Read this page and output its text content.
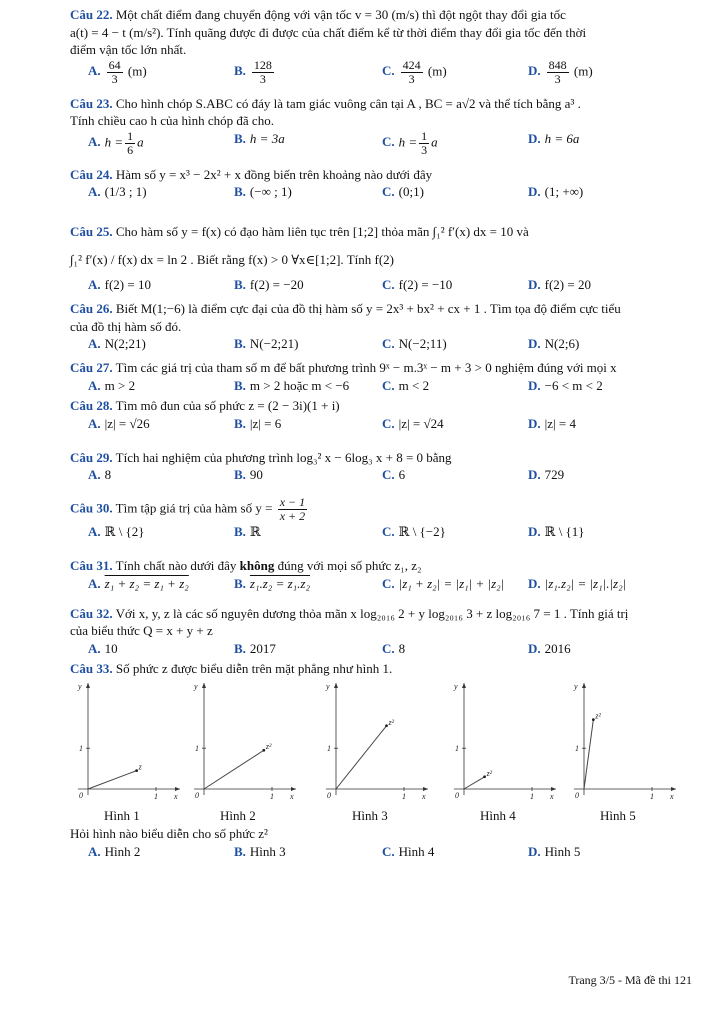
Câu 22. Một chất điểm đang chuyển động với vận tốc v = 30 (m/s) thì đột ngột thay đổi gia tốc

a(t) = 4 − t (m/s²). Tính quãng được đi được của chất điểm kể từ thời điểm thay đổi gia tốc đến thời

điểm vận tốc lớn nhất.

A. $\frac{64}{3} (m)$	B. $\frac{128}{3}$	C. $\frac{424}{3} (m)$	D. $\frac{848}{3} (m)$

Câu 23. Cho hình chóp S.ABC có đáy là tam giác vuông cân tại A , BC = a√2 và thể tích bằng a³ .

Tính chiều cao h của hình chóp đã cho.

A. $h = \frac{1}{6}$ a	B. h = 3a	C. $h = \frac{1}{3}$ a	D. h = 6a

Câu 24. Hàm số y = x³ − 2x² + x đồng biến trên khoảng nào dưới đây

A. (1/3 ; 1)	B. (−∞ ; 1)	C. (0;1)	D. (1; +∞)

Câu 25. Cho hàm số y = f(x) có đạo hàm liên tục trên [1;2] thỏa mãn ∫₁² f′(x) dx = 10 và

∫₁² f′(x) / f(x) dx = ln 2 . Biết rằng f(x) > 0 ∀x∈[1;2]. Tính f(2)

A. f(2) = 10	B. f(2) = −20	C. f(2) = −10	D. f(2) = 20

Câu 26. Biết M(1;−6) là điểm cực đại của đồ thị hàm số y = 2x³ + bx² + cx + 1 . Tìm tọa độ điểm cực tiểu

của đồ thị hàm số đó.

A. N(2;21)	B. N(−2;21)	C. N(−2;11)	D. N(2;6)

Câu 27. Tìm các giá trị của tham số m để bất phương trình 9ˣ − m.3ˣ − m + 3 > 0 nghiệm đúng với mọi x

A. m > 2	B. m > 2 hoặc m < −6	C. m < 2	D. −6 < m < 2

Câu 28. Tìm mô đun của số phức z = (2 − 3i)(1 + i)

A. |z| = √26	B. |z| = 6	C. |z| = √24	D. |z| = 4

Câu 29. Tích hai nghiệm của phương trình log₃² x − 6log₃ x + 8 = 0 bằng

A. 8	B. 90	C. 6	D. 729

Câu 30. Tìm tập giá trị của hàm số $y = \frac{x - 1}{x + 2}$

A. ℝ \ {2}	B. ℝ	C. ℝ \ {−2}	D. ℝ \ {1}

Câu 31. Tính chất nào dưới đây không đúng với mọi số phức z₁, z₂

A. z₁ + z₂ = z₁ + z₂	B. z₁.z₂ = z₁.z₂	C. |z₁ + z₂| = |z₁| + |z₂| D. |z₁.z₂| = |z₁|.|z₂|

Câu 32. Với x, y, z là các số nguyên dương thỏa mãn x log₂₀₁₆ 2 + y log₂₀₁₆ 3 + z log₂₀₁₆ 7 = 1 . Tính giá trị

của biểu thức Q = x + y + z

A. 10	B. 2017	C. 8	D. 2016

Câu 33. Số phức z được biểu diễn trên mặt phẳng như hình 1.

1
1
0	x
y
z
1
1
0	x
y
z²	1
1
0	x
y
z²
1
1
0	x
y
z²
1
1
0	x
y
z²
Hình 1	Hình 2	Hình 3	Hình 4	Hình 5

Hỏi hình nào biểu diễn cho số phức z²

A. Hình 2	B. Hình 3	C. Hình 4	D. Hình 5
Trang 3/5 - Mã đề thi 121
